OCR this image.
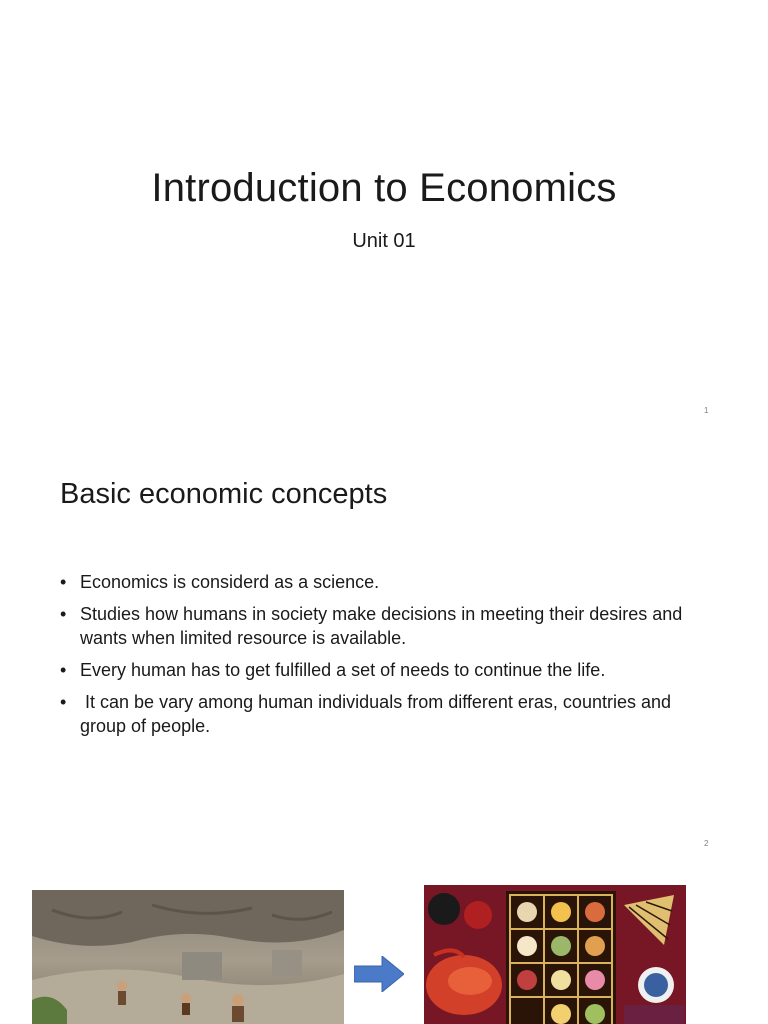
Introduction to Economics
Unit 01
1
Basic economic concepts
• Economics is considerd as a science.
• Studies how humans in society make decisions in meeting their desires and wants when limited resource is available.
• Every human has to get fulfilled a set of needs to continue the life.
• It can be vary among human individuals from different eras, countries and group of people.
2
